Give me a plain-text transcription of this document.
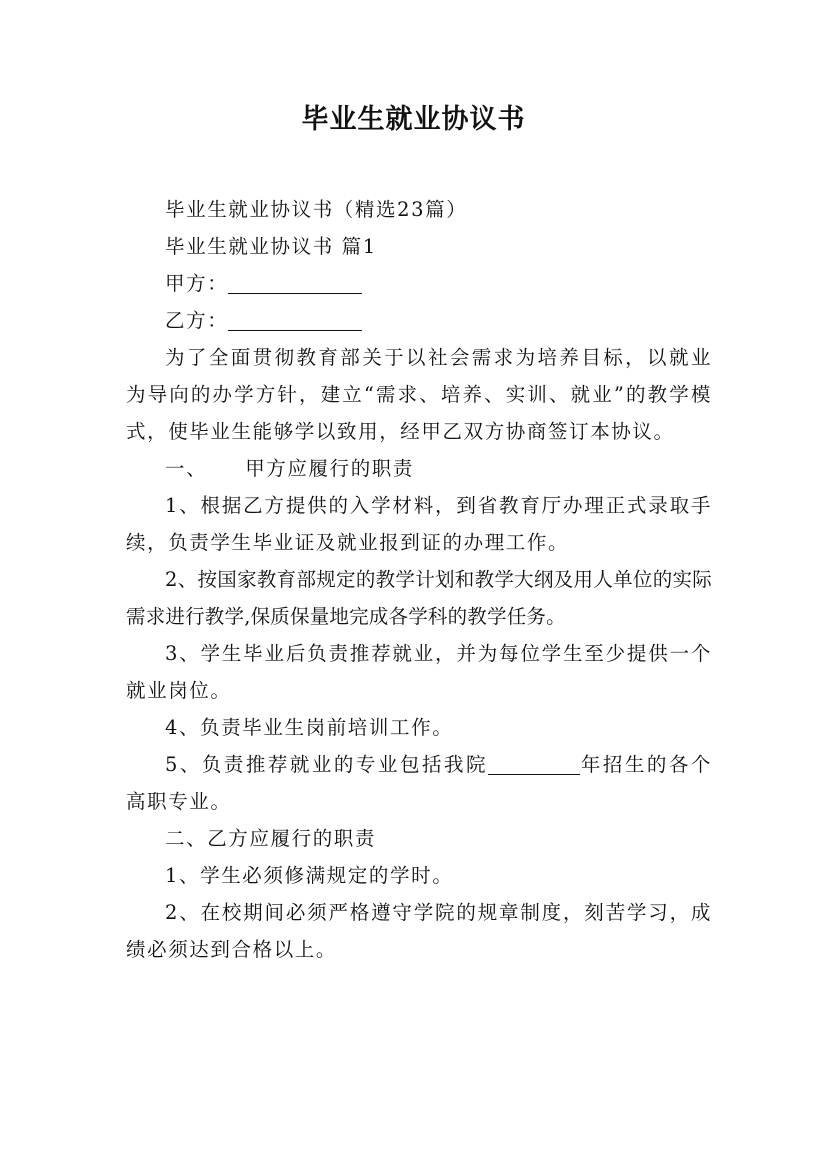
毕业生就业协议书

毕业生就业协议书（精选23篇）

毕业生就业协议书 篇1

甲方：

乙方：

为了全面贯彻教育部关于以社会需求为培养目标，以就业为导向的办学方针，建立“需求、培养、实训、就业”的教学模式，使毕业生能够学以致用，经甲乙双方协商签订本协议。

一、 甲方应履行的职责

1、根据乙方提供的入学材料，到省教育厅办理正式录取手续，负责学生毕业证及就业报到证的办理工作。

2、按国家教育部规定的教学计划和教学大纲及用人单位的实际需求进行教学,保质保量地完成各学科的教学任务。

3、学生毕业后负责推荐就业，并为每位学生至少提供一个就业岗位。

4、负责毕业生岗前培训工作。

5、负责推荐就业的专业包括我院	年招生的各个高职专业。

二、乙方应履行的职责

1、学生必须修满规定的学时。

2、在校期间必须严格遵守学院的规章制度，刻苦学习，成绩必须达到合格以上。
